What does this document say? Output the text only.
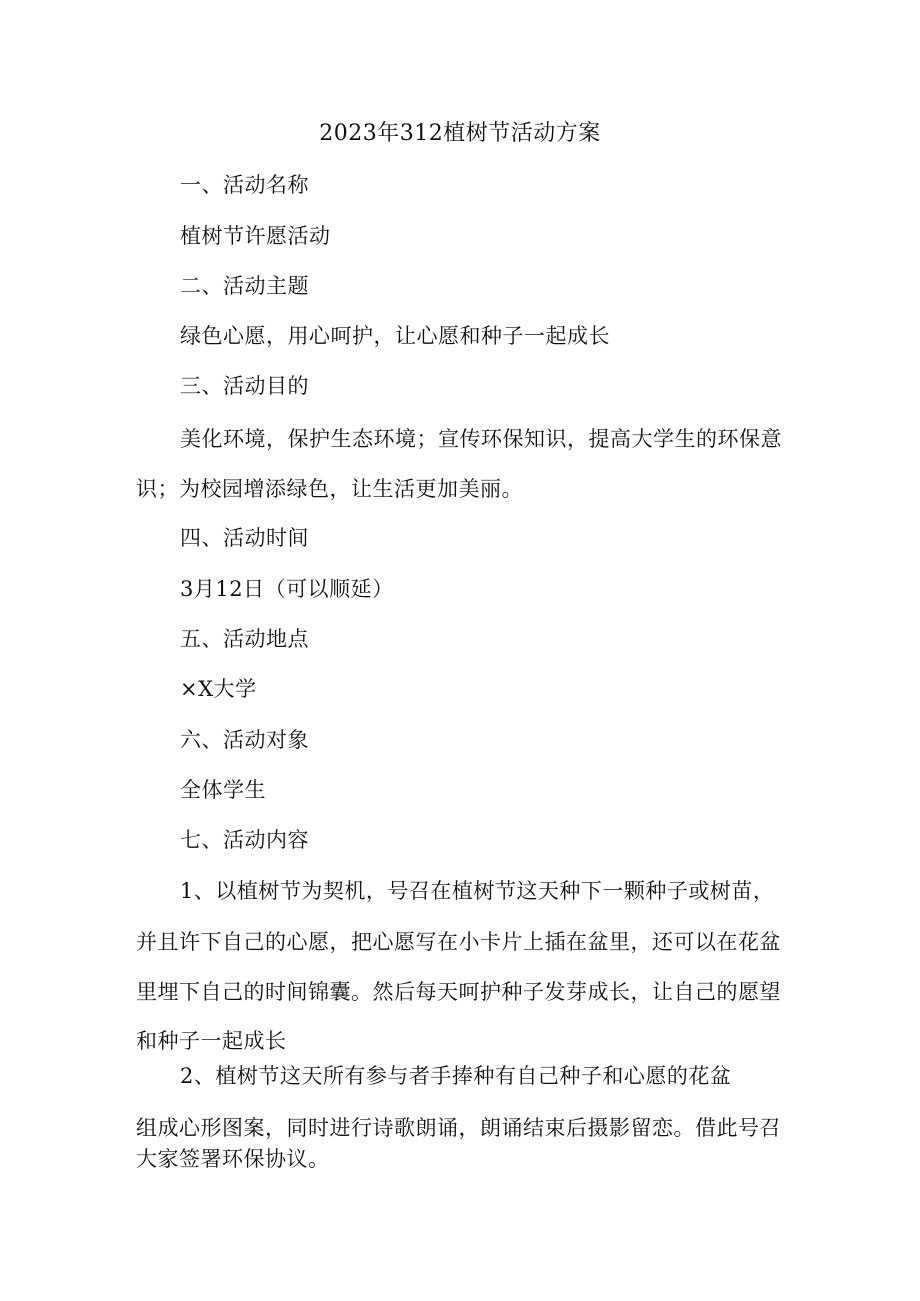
2023年312植树节活动方案

一、活动名称

植树节许愿活动

二、活动主题

绿色心愿，用心呵护，让心愿和种子一起成长

三、活动目的

美化环境，保护生态环境；宣传环保知识，提高大学生的环保意

识；为校园增添绿色，让生活更加美丽。

四、活动时间

3月12日（可以顺延）

五、活动地点

×X大学

六、活动对象

全体学生

七、活动内容

1、以植树节为契机，号召在植树节这天种下一颗种子或树苗，

并且许下自己的心愿，把心愿写在小卡片上插在盆里，还可以在花盆

里埋下自己的时间锦囊。然后每天呵护种子发芽成长，让自己的愿望

和种子一起成长

2、植树节这天所有参与者手捧种有自己种子和心愿的花盆

组成心形图案，同时进行诗歌朗诵，朗诵结束后摄影留恋。借此号召

大家签署环保协议。
